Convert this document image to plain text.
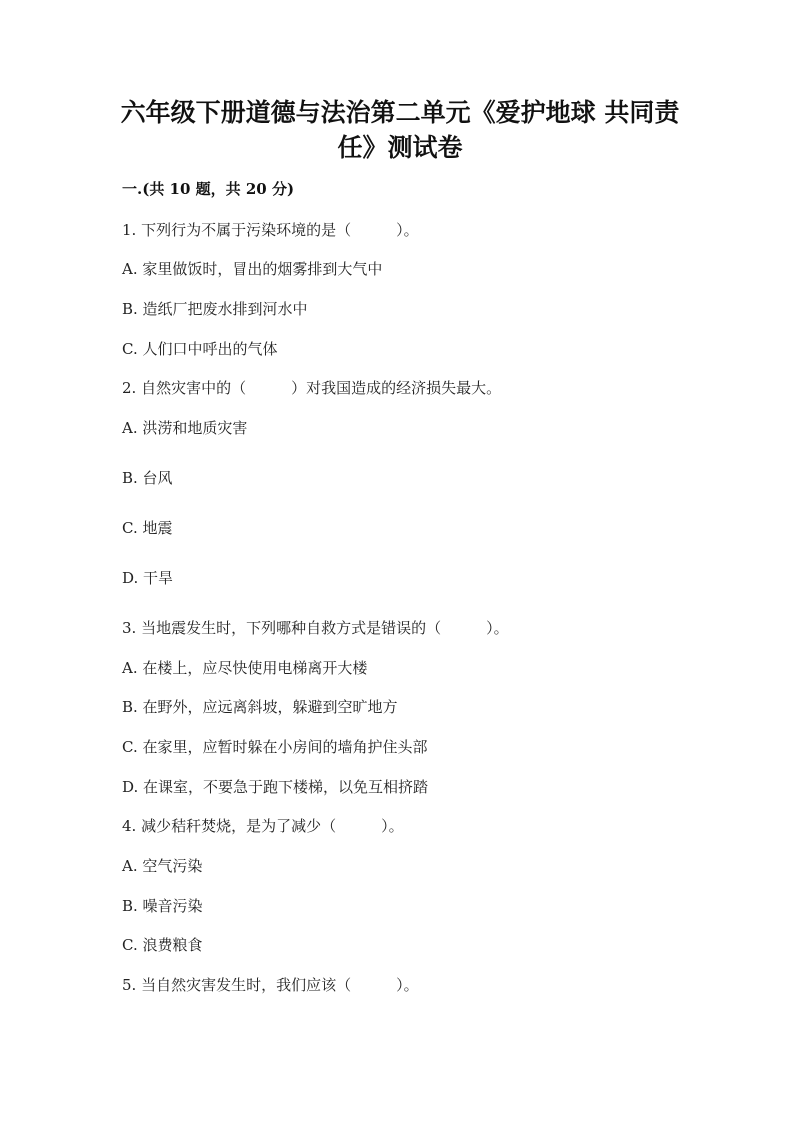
六年级下册道德与法治第二单元《爱护地球 共同责
任》测试卷
一.(共 10 题，共 20 分)
1. 下列行为不属于污染环境的是（　　　）。
A. 家里做饭时，冒出的烟雾排到大气中
B. 造纸厂把废水排到河水中
C. 人们口中呼出的气体
2. 自然灾害中的（　　　）对我国造成的经济损失最大。
A. 洪涝和地质灾害
B. 台风
C. 地震
D. 干旱
3. 当地震发生时，下列哪种自救方式是错误的（　　　）。
A. 在楼上，应尽快使用电梯离开大楼
B. 在野外，应远离斜坡，躲避到空旷地方
C. 在家里，应暂时躲在小房间的墙角护住头部
D. 在课室，不要急于跑下楼梯，以免互相挤踏
4. 减少秸秆焚烧，是为了减少（　　　）。
A. 空气污染
B. 噪音污染
C. 浪费粮食
5. 当自然灾害发生时，我们应该（　　　）。
